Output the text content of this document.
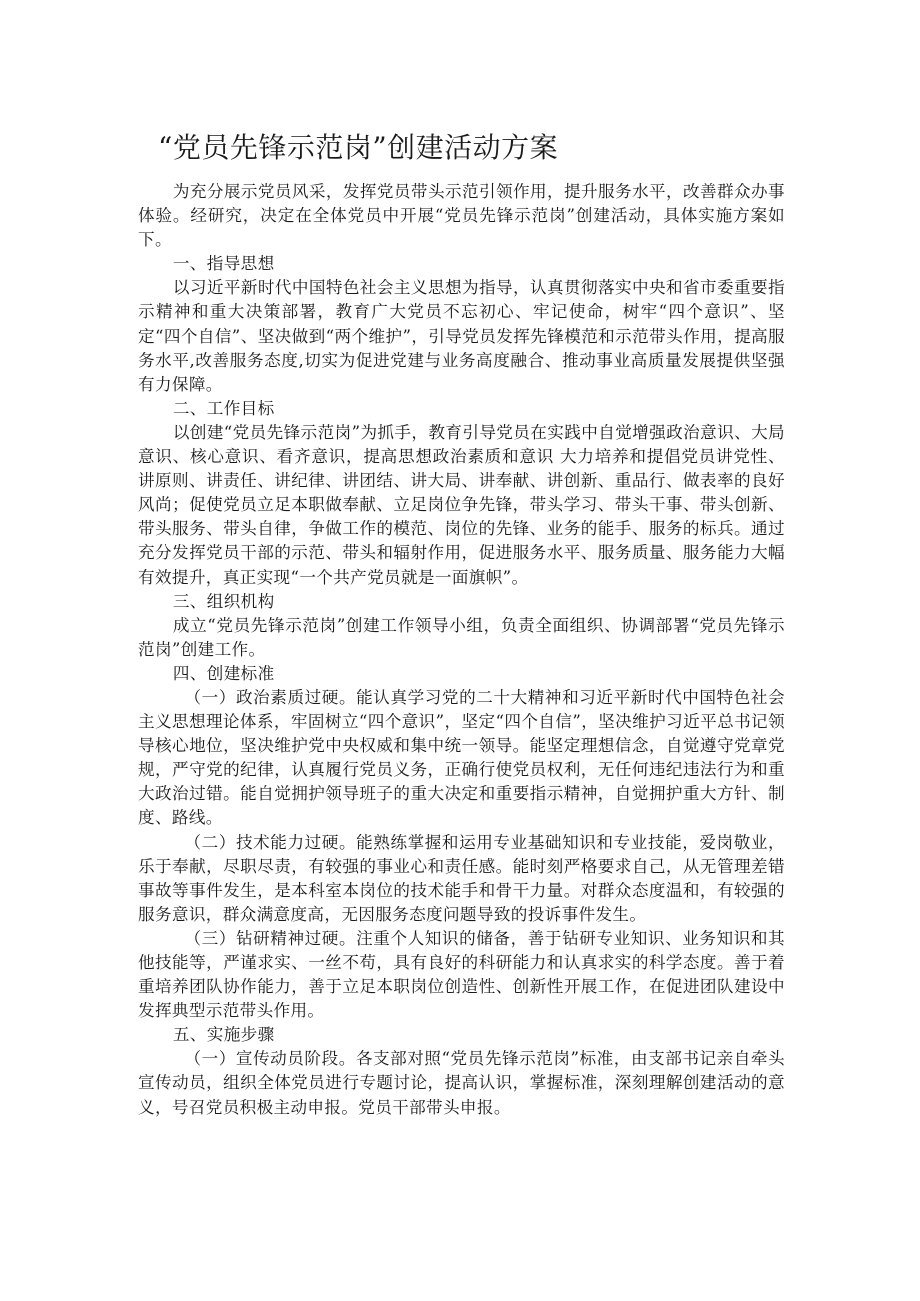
“党员先锋示范岗”创建活动方案

为充分展示党员风采，发挥党员带头示范引领作用，提升服务水平，改善群众办事体验。经研究，决定在全体党员中开展“党员先锋示范岗”创建活动，具体实施方案如下。

一、指导思想

以习近平新时代中国特色社会主义思想为指导，认真贯彻落实中央和省市委重要指示精神和重大决策部署，教育广大党员不忘初心、牢记使命，树牢“四个意识”、坚定“四个自信”、坚决做到“两个维护”，引导党员发挥先锋模范和示范带头作用，提高服务水平,改善服务态度,切实为促进党建与业务高度融合、推动事业高质量发展提供坚强有力保障。

二、工作目标

以创建“党员先锋示范岗”为抓手，教育引导党员在实践中自觉增强政治意识、大局意识、核心意识、看齐意识，提高思想政治素质和意识 大力培养和提倡党员讲党性、讲原则、讲责任、讲纪律、讲团结、讲大局、讲奉献、讲创新、重品行、做表率的良好风尚；促使党员立足本职做奉献、立足岗位争先锋，带头学习、带头干事、带头创新、带头服务、带头自律，争做工作的模范、岗位的先锋、业务的能手、服务的标兵。通过充分发挥党员干部的示范、带头和辐射作用，促进服务水平、服务质量、服务能力大幅有效提升，真正实现“一个共产党员就是一面旗帜”。

三、组织机构

成立“党员先锋示范岗”创建工作领导小组，负责全面组织、协调部署“党员先锋示范岗”创建工作。

四、创建标准

（一）政治素质过硬。能认真学习党的二十大精神和习近平新时代中国特色社会主义思想理论体系，牢固树立“四个意识”，坚定“四个自信”，坚决维护习近平总书记领导核心地位，坚决维护党中央权威和集中统一领导。能坚定理想信念，自觉遵守党章党规，严守党的纪律，认真履行党员义务，正确行使党员权利，无任何违纪违法行为和重大政治过错。能自觉拥护领导班子的重大决定和重要指示精神，自觉拥护重大方针、制度、路线。

（二）技术能力过硬。能熟练掌握和运用专业基础知识和专业技能，爱岗敬业，乐于奉献，尽职尽责，有较强的事业心和责任感。能时刻严格要求自己，从无管理差错事故等事件发生，是本科室本岗位的技术能手和骨干力量。对群众态度温和，有较强的服务意识，群众满意度高，无因服务态度问题导致的投诉事件发生。

（三）钻研精神过硬。注重个人知识的储备，善于钻研专业知识、业务知识和其他技能等，严谨求实、一丝不苟，具有良好的科研能力和认真求实的科学态度。善于着重培养团队协作能力，善于立足本职岗位创造性、创新性开展工作，在促进团队建设中发挥典型示范带头作用。

五、实施步骤

（一）宣传动员阶段。各支部对照“党员先锋示范岗”标准，由支部书记亲自牵头宣传动员，组织全体党员进行专题讨论，提高认识，掌握标准，深刻理解创建活动的意义，号召党员积极主动申报。党员干部带头申报。
